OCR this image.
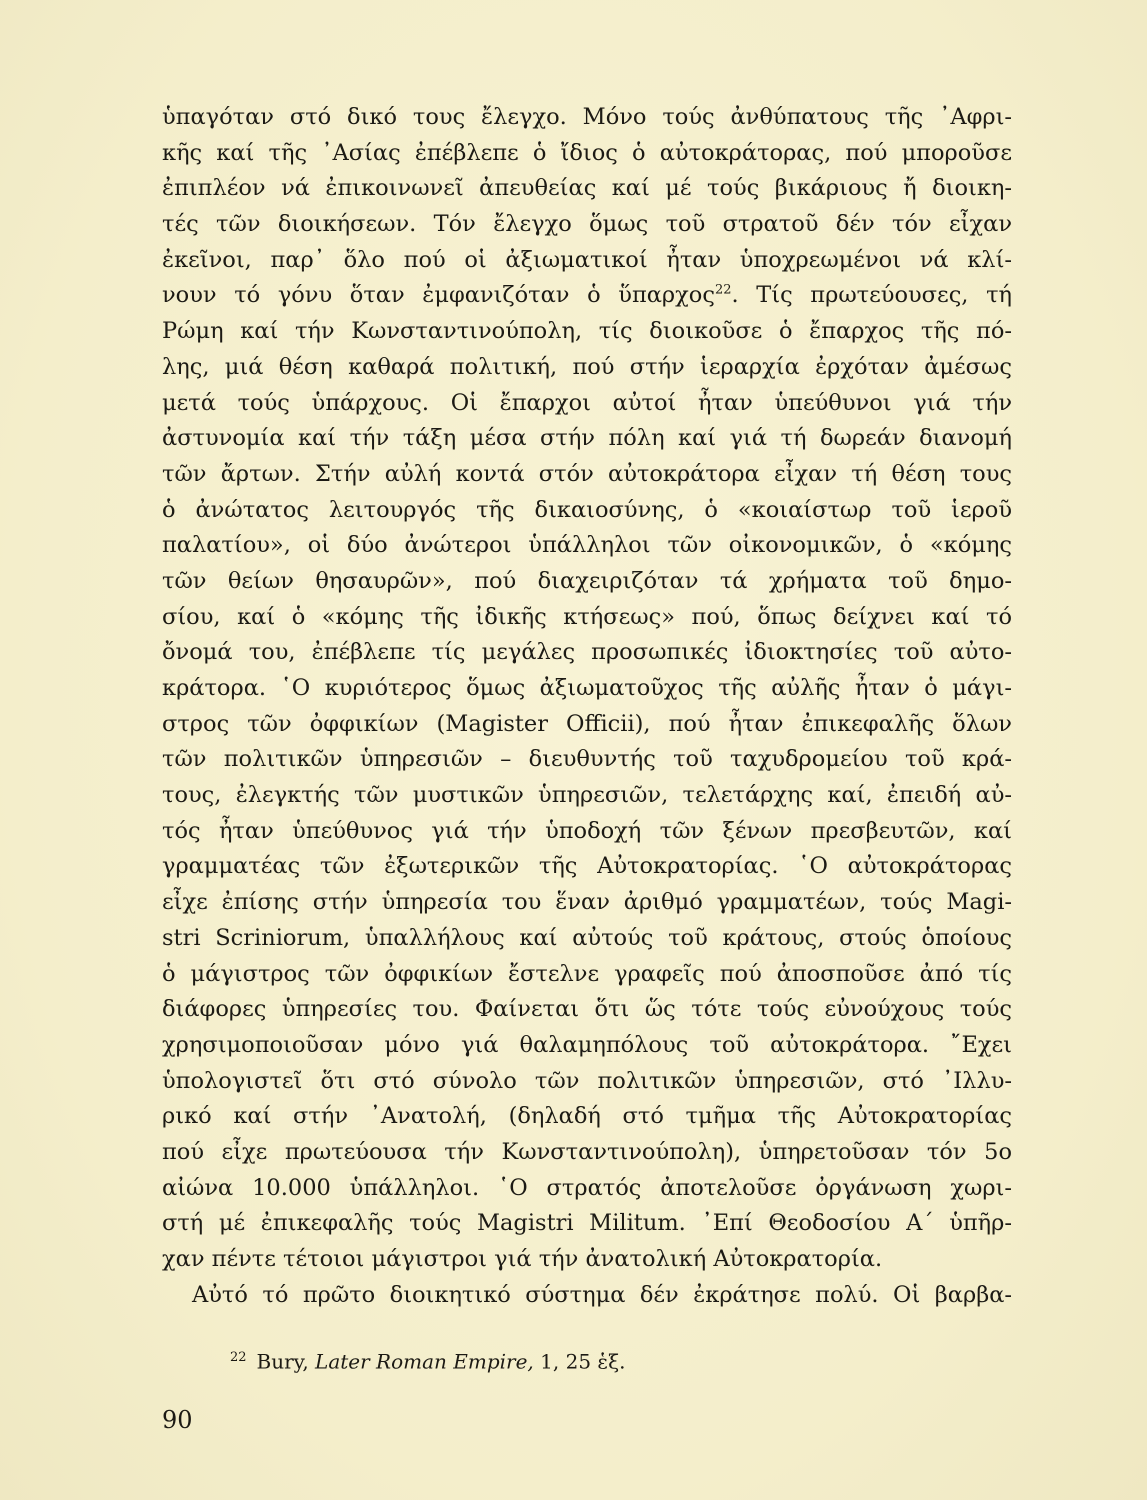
ὑπαγόταν στό δικό τους ἔλεγχο. Μόνο τούς ἀνθύπατους τῆς ᾿Αφρι-
κῆς καί τῆς ᾿Ασίας ἐπέβλεπε ὁ ἴδιος ὁ αὐτοκράτορας, πού μποροῦσε
ἐπιπλέον νά ἐπικοινωνεῖ ἀπευθείας καί μέ τούς βικάριους ἤ διοικη-
τές τῶν διοικήσεων. Τόν ἔλεγχο ὅμως τοῦ στρατοῦ δέν τόν εἶχαν
ἐκεῖνοι, παρ᾿ ὅλο πού οἱ ἀξιωματικοί ἦταν ὑποχρεωμένοι νά κλί-
νουν τό γόνυ ὅταν ἐμφανιζόταν ὁ ὕπαρχος$^{22}$. Τίς πρωτεύουσες, τή
Ρώμη καί τήν Κωνσταντινούπολη, τίς διοικοῦσε ὁ ἔπαρχος τῆς πό-
λης, μιά θέση καθαρά πολιτική, πού στήν ἱεραρχία ἐρχόταν ἀμέσως
μετά τούς ὑπάρχους. Οἱ ἔπαρχοι αὐτοί ἦταν ὑπεύθυνοι γιά τήν
ἀστυνομία καί τήν τάξη μέσα στήν πόλη καί γιά τή δωρεάν διανομή
τῶν ἄρτων. Στήν αὐλή κοντά στόν αὐτοκράτορα εἶχαν τή θέση τους
ὁ ἀνώτατος λειτουργός τῆς δικαιοσύνης, ὁ «κοιαίστωρ τοῦ ἱεροῦ
παλατίου», οἱ δύο ἀνώτεροι ὑπάλληλοι τῶν οἰκονομικῶν, ὁ «κόμης
τῶν θείων θησαυρῶν», πού διαχειριζόταν τά χρήματα τοῦ δημο-
σίου, καί ὁ «κόμης τῆς ἰδικῆς κτήσεως» πού, ὅπως δείχνει καί τό
ὄνομά του, ἐπέβλεπε τίς μεγάλες προσωπικές ἰδιοκτησίες τοῦ αὐτο-
κράτορα. ῾Ο κυριότερος ὅμως ἀξιωματοῦχος τῆς αὐλῆς ἦταν ὁ μάγι-
στρος τῶν ὀφφικίων (Magister Officii), πού ἦταν ἐπικεφαλῆς ὅλων
τῶν πολιτικῶν ὑπηρεσιῶν – διευθυντής τοῦ ταχυδρομείου τοῦ κρά-
τους, ἐλεγκτής τῶν μυστικῶν ὑπηρεσιῶν, τελετάρχης καί, ἐπειδή αὐ-
τός ἦταν ὑπεύθυνος γιά τήν ὑποδοχή τῶν ξένων πρεσβευτῶν, καί
γραμματέας τῶν ἐξωτερικῶν τῆς Αὐτοκρατορίας. ῾Ο αὐτοκράτορας
εἶχε ἐπίσης στήν ὑπηρεσία του ἕναν ἀριθμό γραμματέων, τούς Magi-
stri Scriniorum, ὑπαλλήλους καί αὐτούς τοῦ κράτους, στούς ὁποίους
ὁ μάγιστρος τῶν ὀφφικίων ἔστελνε γραφεῖς πού ἀποσποῦσε ἀπό τίς
διάφορες ὑπηρεσίες του. Φαίνεται ὅτι ὥς τότε τούς εὐνούχους τούς
χρησιμοποιοῦσαν μόνο γιά θαλαμηπόλους τοῦ αὐτοκράτορα. ῎Εχει
ὑπολογιστεῖ ὅτι στό σύνολο τῶν πολιτικῶν ὑπηρεσιῶν, στό ᾿Ιλλυ-
ρικό καί στήν ᾿Ανατολή, (δηλαδή στό τμῆμα τῆς Αὐτοκρατορίας
πού εἶχε πρωτεύουσα τήν Κωνσταντινούπολη), ὑπηρετοῦσαν τόν 5ο
αἰώνα 10.000 ὑπάλληλοι. ῾Ο στρατός ἀποτελοῦσε ὀργάνωση χωρι-
στή μέ ἐπικεφαλῆς τούς Magistri Militum. ᾿Επί Θεοδοσίου Α΄ ὑπῆρ-
χαν πέντε τέτοιοι μάγιστροι γιά τήν ἀνατολική Αὐτοκρατορία.
Αὐτό τό πρῶτο διοικητικό σύστημα δέν ἐκράτησε πολύ. Οἱ βαρβα-
$^{22}$ Bury, Later Roman Empire, 1, 25 ἑξ.
90
